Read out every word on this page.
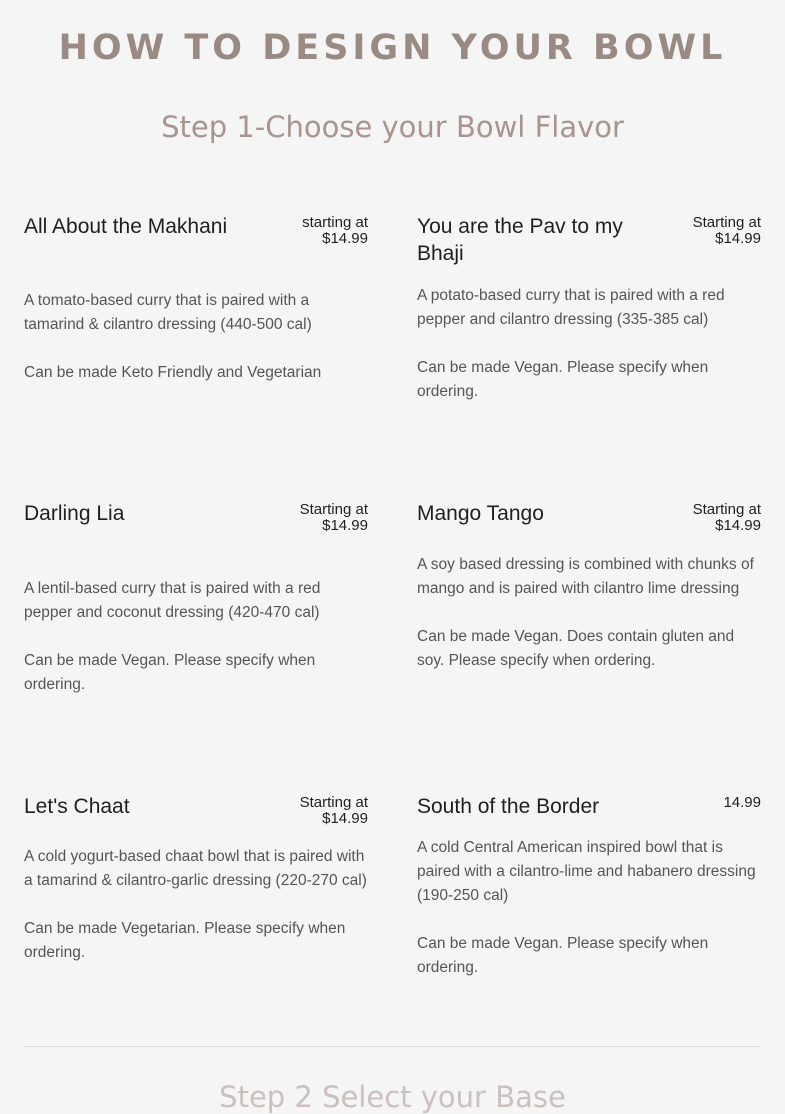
HOW TO DESIGN YOUR BOWL
Step 1-Choose your Bowl Flavor
All About the Makhani	starting at
$14.99
A tomato-based curry that is paired with a tamarind & cilantro dressing (440-500 cal)
Can be made Keto Friendly and Vegetarian
You are the Pav to my Bhaji
Starting at
$14.99
A potato-based curry that is paired with a red pepper and cilantro dressing (335-385 cal)
Can be made Vegan. Please specify when ordering.
Darling Lia	Starting at
$14.99
A lentil-based curry that is paired with a red pepper and coconut dressing (420-470 cal)
Can be made Vegan. Please specify when ordering.
Mango Tango	Starting at
$14.99
A soy based dressing is combined with chunks of mango and is paired with cilantro lime dressing
Can be made Vegan. Does contain gluten and soy. Please specify when ordering.
Let's Chaat	Starting at
$14.99
A cold yogurt-based chaat bowl that is paired with a tamarind & cilantro-garlic dressing (220-270 cal)
Can be made Vegetarian. Please specify when ordering.
South of the Border	14.99
A cold Central American inspired bowl that is paired with a cilantro-lime and habanero dressing (190-250 cal)
Can be made Vegan. Please specify when ordering.
Step 2 Select your Base
